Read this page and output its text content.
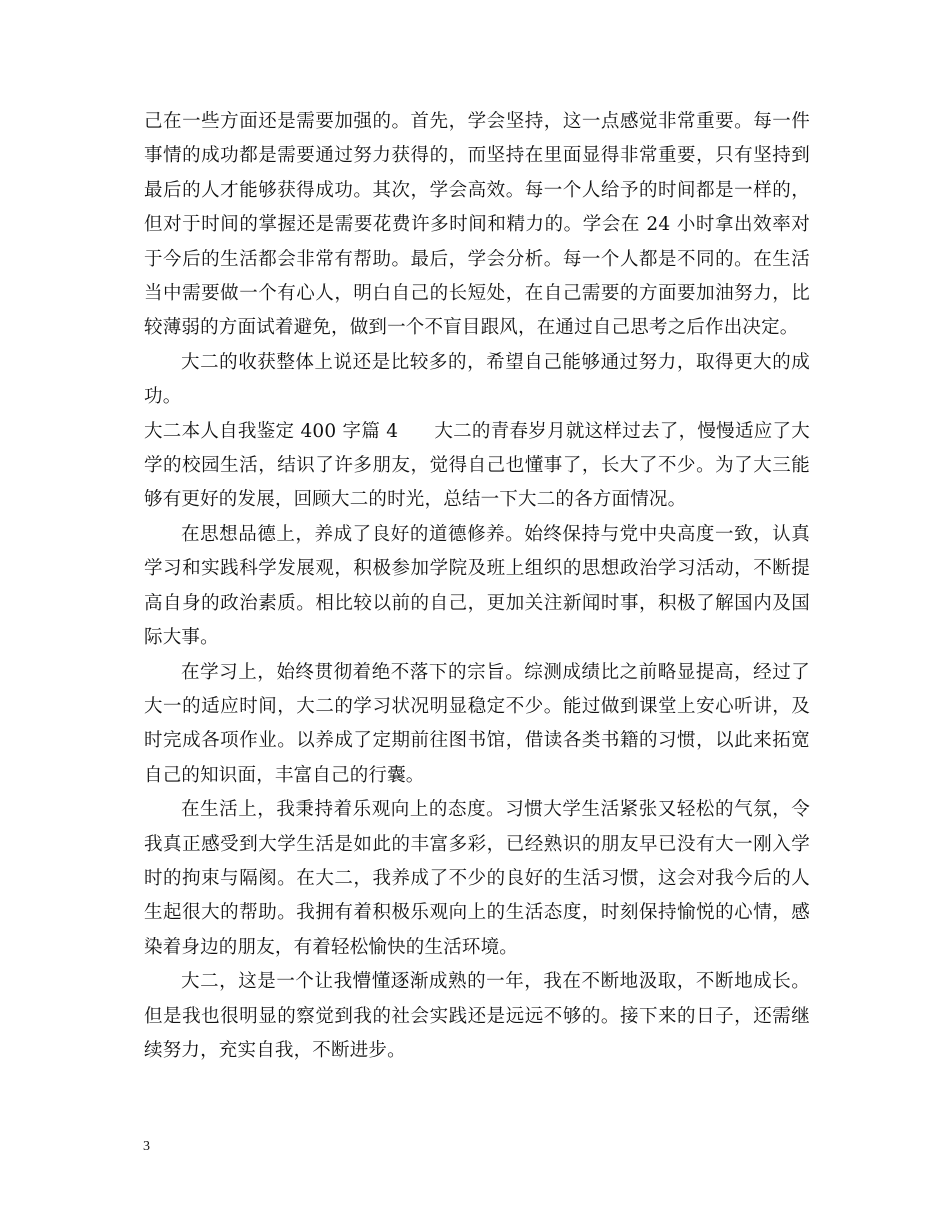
己在一些方面还是需要加强的。首先，学会坚持，这一点感觉非常重要。每一件事情的成功都是需要通过努力获得的，而坚持在里面显得非常重要，只有坚持到最后的人才能够获得成功。其次，学会高效。每一个人给予的时间都是一样的，但对于时间的掌握还是需要花费许多时间和精力的。学会在 24 小时拿出效率对于今后的生活都会非常有帮助。最后，学会分析。每一个人都是不同的。在生活当中需要做一个有心人，明白自己的长短处，在自己需要的方面要加油努力，比较薄弱的方面试着避免，做到一个不盲目跟风，在通过自己思考之后作出决定。

大二的收获整体上说还是比较多的，希望自己能够通过努力，取得更大的成功。

大二本人自我鉴定 400 字篇 4 大二的青春岁月就这样过去了，慢慢适应了大学的校园生活，结识了许多朋友，觉得自己也懂事了，长大了不少。为了大三能够有更好的发展，回顾大二的时光，总结一下大二的各方面情况。

在思想品德上，养成了良好的道德修养。始终保持与党中央高度一致，认真学习和实践科学发展观，积极参加学院及班上组织的思想政治学习活动，不断提高自身的政治素质。相比较以前的自己，更加关注新闻时事，积极了解国内及国际大事。

在学习上，始终贯彻着绝不落下的宗旨。综测成绩比之前略显提高，经过了大一的适应时间，大二的学习状况明显稳定不少。能过做到课堂上安心听讲，及时完成各项作业。以养成了定期前往图书馆，借读各类书籍的习惯，以此来拓宽自己的知识面，丰富自己的行囊。

在生活上，我秉持着乐观向上的态度。习惯大学生活紧张又轻松的气氛，令我真正感受到大学生活是如此的丰富多彩，已经熟识的朋友早已没有大一刚入学时的拘束与隔阂。在大二，我养成了不少的良好的生活习惯，这会对我今后的人生起很大的帮助。我拥有着积极乐观向上的生活态度，时刻保持愉悦的心情，感染着身边的朋友，有着轻松愉快的生活环境。

大二，这是一个让我懵懂逐渐成熟的一年，我在不断地汲取，不断地成长。但是我也很明显的察觉到我的社会实践还是远远不够的。接下来的日子，还需继续努力，充实自我，不断进步。

3
